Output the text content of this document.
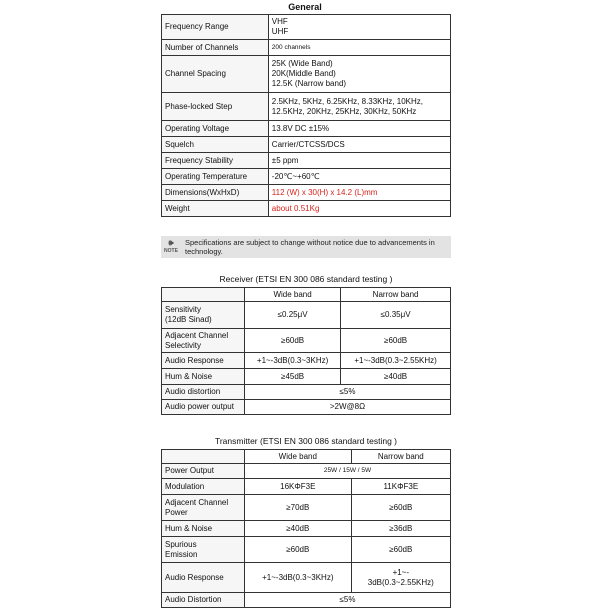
General
Frequency Range	VHF
UHF

Number of Channels	200 channels
Channel Spacing	25K (Wide Band)
20K(Middle Band)
12.5K (Narrow band)

Phase-locked Step	2.5KHz, 5KHz, 6.25KHz, 8.33KHz, 10KHz,
12.5KHz, 20KHz, 25KHz, 30KHz, 50KHz

Operating Voltage	13.8V DC ±15%
Squelch	Carrier/CTCSS/DCS
Frequency Stability	±5 ppm
Operating Temperature	-20℃~+60℃
Dimensions(WxHxD)	112 (W) x 30(H) x 14.2 (L)mm
Weight	about 0.51Kg
🕪
NOTE
Specifications are subject to change without notice due to advancements in technology.
Receiver (ETSI EN 300 086 standard testing )
	Wide band	Narrow band

Sensitivity
(12dB Sinad)	≤0.25μV	≤0.35μV

Adjacent Channel
Selectivity	≥60dB	≥60dB
Audio Response	+1~-3dB(0.3~3KHz)	+1~-3dB(0.3~2.55KHz)
Hum & Noise	≥45dB	≥40dB
Audio distortion	≤5%	
Audio power output	>2W@8Ω	
Transmitter (ETSI EN 300 086 standard testing )
	Wide band	Narrow band
Power Output	25W / 15W / 5W	
Modulation	16KΦF3E	11KΦF3E

Adjacent Channel
Power	≥70dB	≥60dB
Hum & Noise	≥40dB	≥36dB

Spurious
Emission	≥60dB	≥60dB
Audio Response	+1~-3dB(0.3~3KHz)	+1~-
3dB(0.3~2.55KHz)

Audio Distortion	≤5%	
